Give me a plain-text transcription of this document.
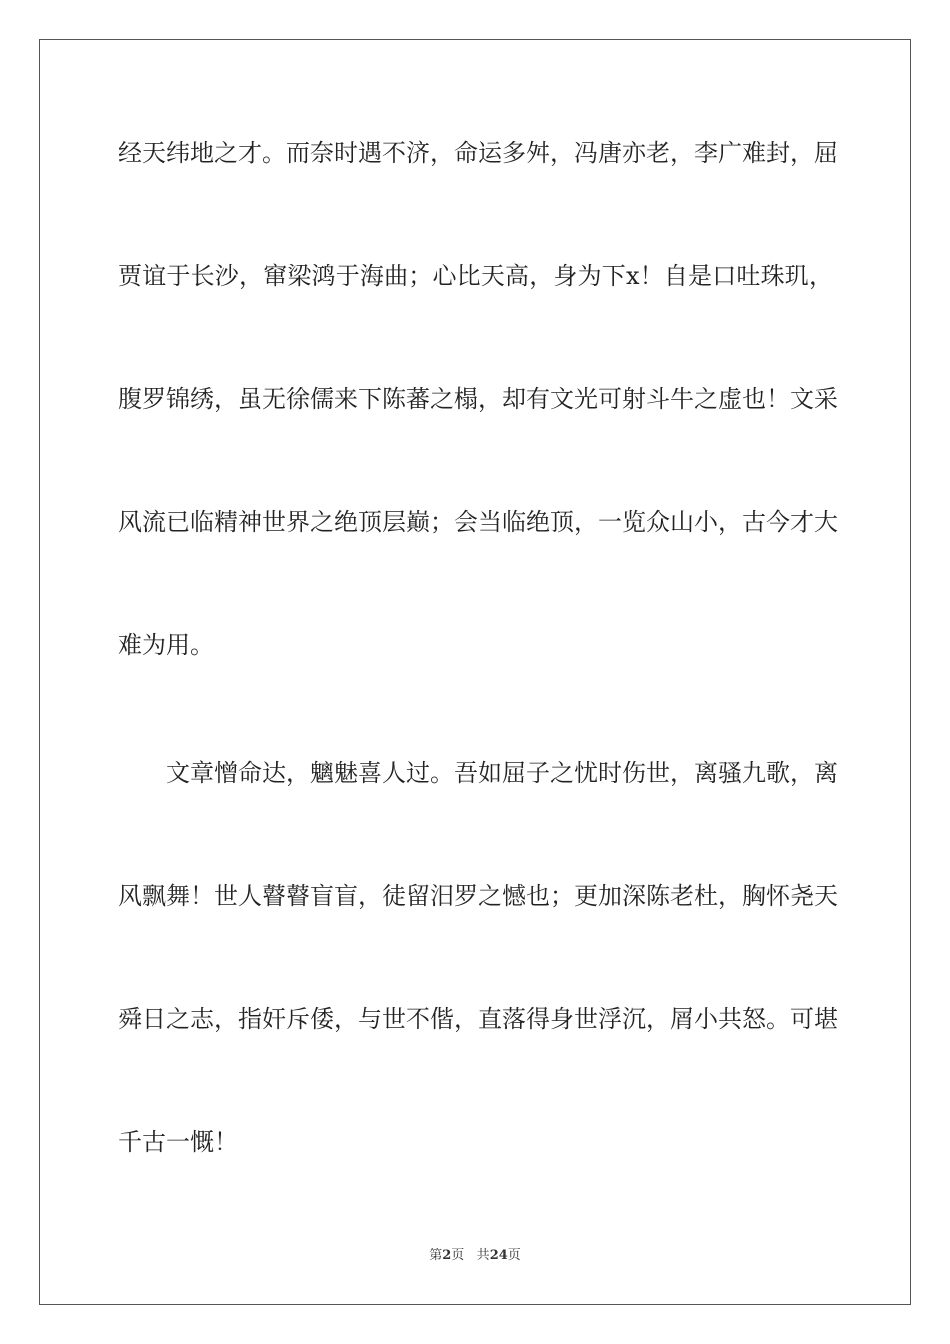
经天纬地之才。而奈时遇不济，命运多舛，冯唐亦老，李广难封，屈
贾谊于长沙，窜梁鸿于海曲；心比天高，身为下x！自是口吐珠玑，
腹罗锦绣，虽无徐儒来下陈蕃之榻，却有文光可射斗牛之虚也！文采
风流已临精神世界之绝顶层巅；会当临绝顶，一览众山小，古今才大
难为用。
文章憎命达，魑魅喜人过。吾如屈子之忧时伤世，离骚九歌，离
风飘舞！世人瞽瞽盲盲，徒留汨罗之憾也；更加深陈老杜，胸怀尧天
舜日之志，指奸斥倭，与世不偕，直落得身世浮沉，屑小共怒。可堪
千古一慨！
第2页 共24页
